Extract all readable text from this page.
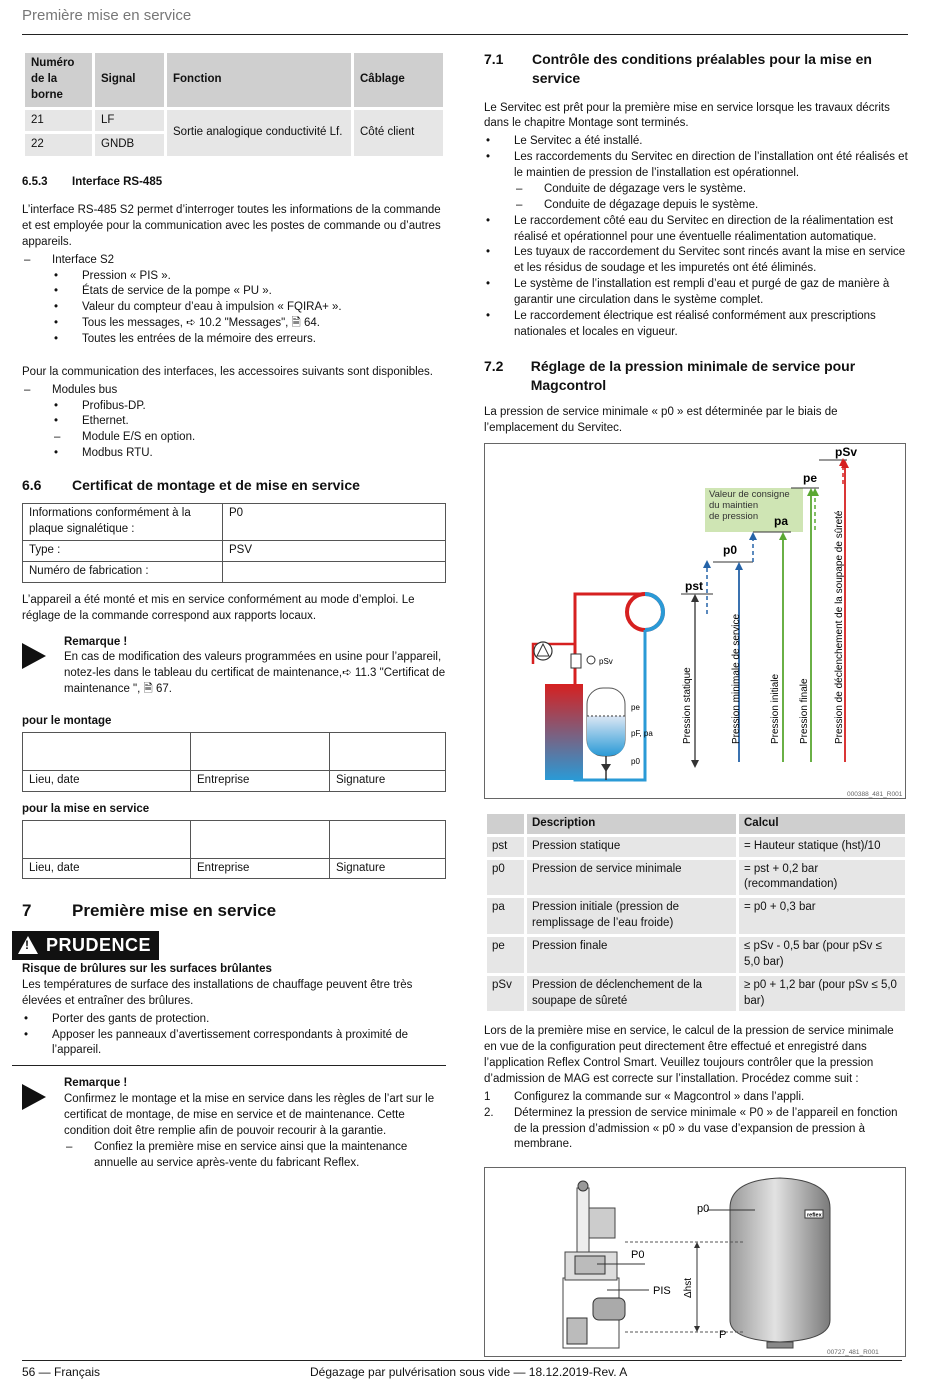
Première mise en service
Numéro de la borne	Signal	Fonction	Câblage
21	LF	Sortie analogique conductivité Lf.	Côté client
22	GNDB		
6.5.3	Interface RS-485

L’interface RS-485 S2 permet d’interroger toutes les informations de la commande et est employée pour la communication avec les postes de commande ou d’autres appareils.

– Interface S2
• Pression « PIS ».
• États de service de la pompe « PU ».
• Valeur du compteur d’eau à impulsion « FQIRA+ ».
• Tous les messages, ➪ 10.2 "Messages", 🗎 64.
• Toutes les entrées de la mémoire des erreurs.

Pour la communication des interfaces, les accessoires suivants sont disponibles.

– Modules bus
• Profibus-DP.
• Ethernet.
– Module E/S en option.
• Modbus RTU.
6.6	Certificat de montage et de mise en service
Informations conformément à la plaque signalétique :	P0
Type :	PSV
Numéro de fabrication :	

L’appareil a été monté et mis en service conformément au mode d’emploi. Le réglage de la commande correspond aux rapports locaux.

Remarque !
En cas de modification des valeurs programmées en usine pour l’appareil, notez-les dans le tableau du certificat de maintenance,➪ 11.3 "Certificat de maintenance ", 🗎 67.
pour le montage

Lieu, date	Entreprise	Signature
pour la mise en service

Lieu, date	Entreprise	Signature
7	Première mise en service
! PRUDENCE
Risque de brûlures sur les surfaces brûlantes

Les températures de surface des installations de chauffage peuvent être très élevées et entraîner des brûlures.

• Porter des gants de protection.
• Apposer les panneaux d’avertissement correspondants à proximité de l’appareil.
Remarque !
Confirmez le montage et la mise en service dans les règles de l’art sur le certificat de montage, de mise en service et de maintenance. Cette condition doit être remplie afin de pouvoir recourir à la garantie.
– Confiez la première mise en service ainsi que la maintenance annuelle au service après-vente du fabricant Reflex.
7.1	Contrôle des conditions préalables pour la mise en service

Le Servitec est prêt pour la première mise en service lorsque les travaux décrits dans le chapitre Montage sont terminés.

• Le Servitec a été installé.
• Les raccordements du Servitec en direction de l’installation ont été réalisés et le maintien de pression de l’installation est opérationnel.
– Conduite de dégazage vers le système.
– Conduite de dégazage depuis le système.
• Le raccordement côté eau du Servitec en direction de la réalimentation est réalisé et opérationnel pour une éventuelle réalimentation automatique.
• Les tuyaux de raccordement du Servitec sont rincés avant la mise en service et les résidus de soudage et les impuretés ont été éliminés.
• Le système de l’installation est rempli d’eau et purgé de gaz de manière à garantir une circulation dans le système complet.
• Le raccordement électrique est réalisé conformément aux prescriptions nationales et locales en vigueur.
7.2	Réglage de la pression minimale de service pour Magcontrol

La pression de service minimale « p0 » est déterminée par le biais de l’emplacement du Servitec.

Valeur de consigne
du maintien
de pression
pst
p0
pa
pe
pSv
Pression statique	Pression minimale de service	Pression initiale Pression finale Pression de déclenchement de la soupape de sûreté
pSv
pe
pF, pa
p0
000388_481_R001
	Description	Calcul
pst	Pression statique	= Hauteur statique (hst)/10
p0	Pression de service minimale	= pst + 0,2 bar (recommandation)
pa	Pression initiale (pression de remplissage de l’eau froide)	= p0 + 0,3 bar
pe	Pression finale	≤ pSv - 0,5 bar (pour pSv ≤ 5,0 bar)
pSv	Pression de déclenchement de la soupape de sûreté	≥ p0 + 1,2 bar (pour pSv ≤ 5,0 bar)

Lors de la première mise en service, le calcul de la pression de service minimale en vue de la configuration peut directement être effectué et enregistré dans l’application Reflex Control Smart. Veuillez toujours contrôler que la pression d’admission de MAG est correcte sur l’installation. Procédez comme suit :

1 Configurez la commande sur « Magcontrol » dans l’appli.
2. Déterminez la pression de service minimale « P0 » de l’appareil en fonction de la pression d’admission « p0 » du vase d’expansion de pression à membrane.
P0
PIS
reflex
p0
Δhst
P
00727_481_R001
56 — Français	Dégazage par pulvérisation sous vide — 18.12.2019-Rev. A
